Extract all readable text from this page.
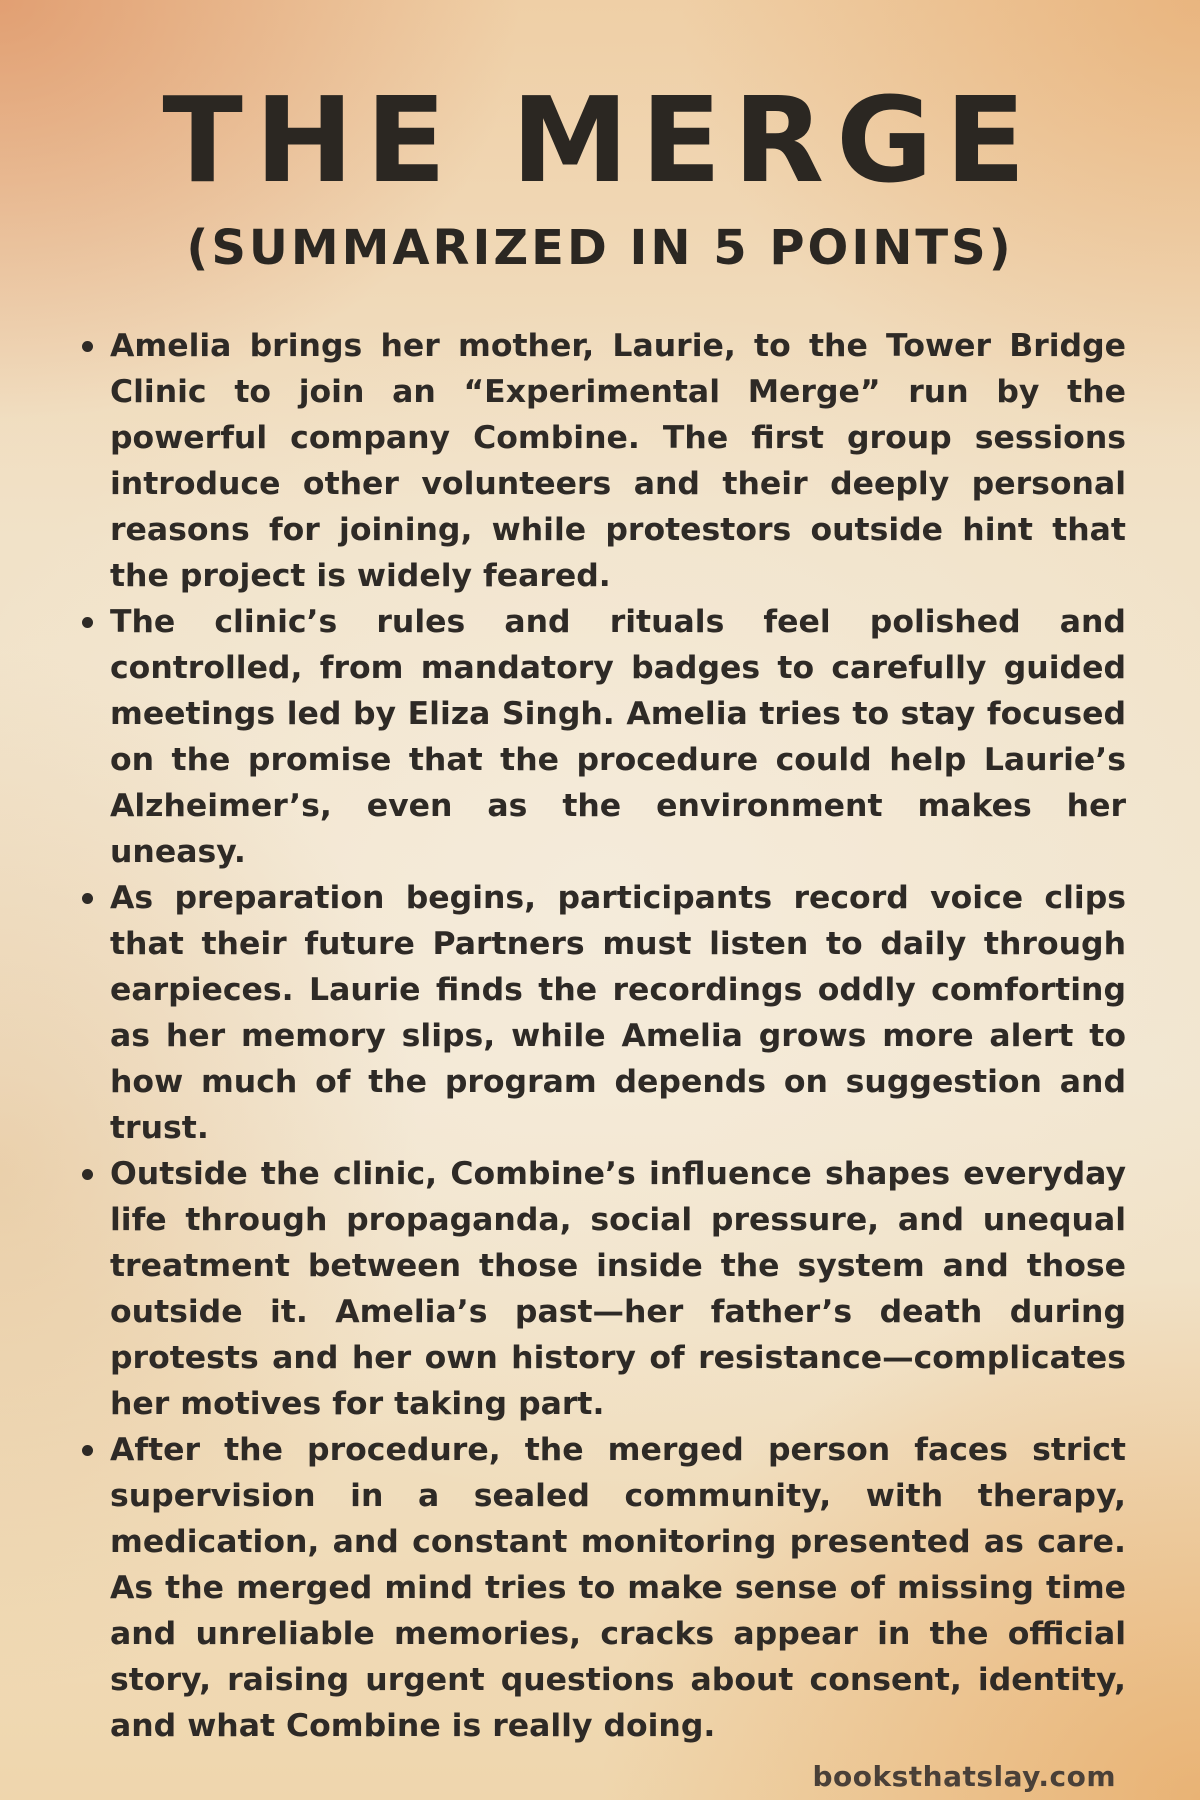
THE MERGE
(SUMMARIZED IN 5 POINTS)
Amelia brings her mother, Laurie, to the Tower Bridge Clinic to join an “Experimental Merge” run by the powerful company Combine. The first group sessions introduce other volunteers and their deeply personal reasons for joining, while protestors outside hint that the project is widely feared.
The clinic’s rules and rituals feel polished and controlled, from mandatory badges to carefully guided meetings led by Eliza Singh. Amelia tries to stay focused on the promise that the procedure could help Laurie’s Alzheimer’s, even as the environment makes her uneasy.
As preparation begins, participants record voice clips that their future Partners must listen to daily through earpieces. Laurie finds the recordings oddly comforting as her memory slips, while Amelia grows more alert to how much of the program depends on suggestion and trust.
Outside the clinic, Combine’s influence shapes everyday life through propaganda, social pressure, and unequal treatment between those inside the system and those outside it. Amelia’s past—her father’s death during protests and her own history of resistance—complicates her motives for taking part.
After the procedure, the merged person faces strict supervision in a sealed community, with therapy, medication, and constant monitoring presented as care. As the merged mind tries to make sense of missing time and unreliable memories, cracks appear in the official story, raising urgent questions about consent, identity, and what Combine is really doing.
booksthatslay.com
